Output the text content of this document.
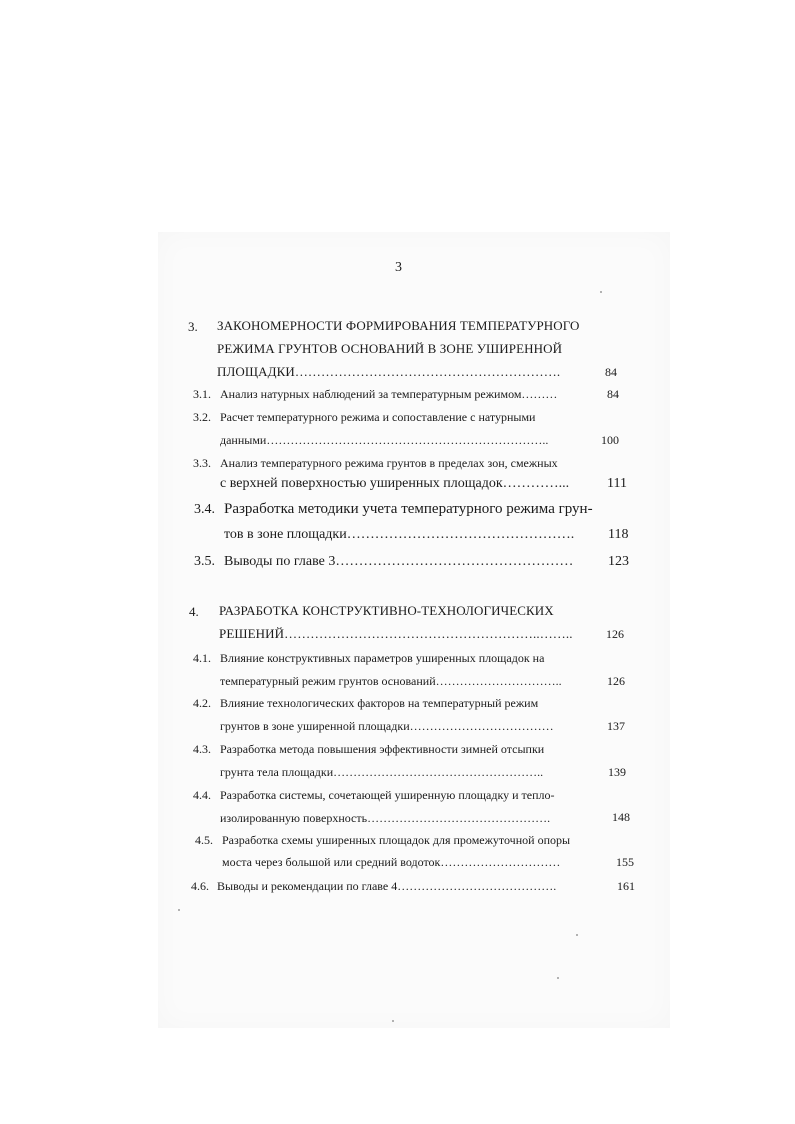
3
3. ЗАКОНОМЕРНОСТИ ФОРМИРОВАНИЯ ТЕМПЕРАТУРНОГО
РЕЖИМА ГРУНТОВ ОСНОВАНИЙ В ЗОНЕ УШИРЕННОЙ
ПЛОЩАДКИ…………………………………………………….	84
3.1. Анализ натурных наблюдений за температурным режимом………	84
3.2. Расчет температурного режима и сопоставление с натурными
данными……………………………………………………………..	100
3.3. Анализ температурного режима грунтов в пределах зон, смежных
с верхней поверхностью уширенных площадок…………...	111
3.4. Разработка методики учета температурного режима грун-
тов в зоне площадки…………………………………………. 118
3.5. Выводы по главе 3…………………………………………… 123
4. РАЗРАБОТКА КОНСТРУКТИВНО-ТЕХНОЛОГИЧЕСКИХ
РЕШЕНИЙ…………………………………………………..……..	126
4.1. Влияние конструктивных параметров уширенных площадок на
температурный режим грунтов оснований…………………………..	126
4.2. Влияние технологических факторов на температурный режим
грунтов в зоне уширенной площадки………………………………	137
4.3. Разработка метода повышения эффективности зимней отсыпки
грунта тела площадки……………………………………………..	139
4.4. Разработка системы, сочетающей уширенную площадку и тепло-
изолированную поверхность……………………………………….	148
4.5. Разработка схемы уширенных площадок для промежуточной опоры
моста через большой или средний водоток…………………………	155
4.6. Выводы и рекомендации по главе 4………………………………….	161
